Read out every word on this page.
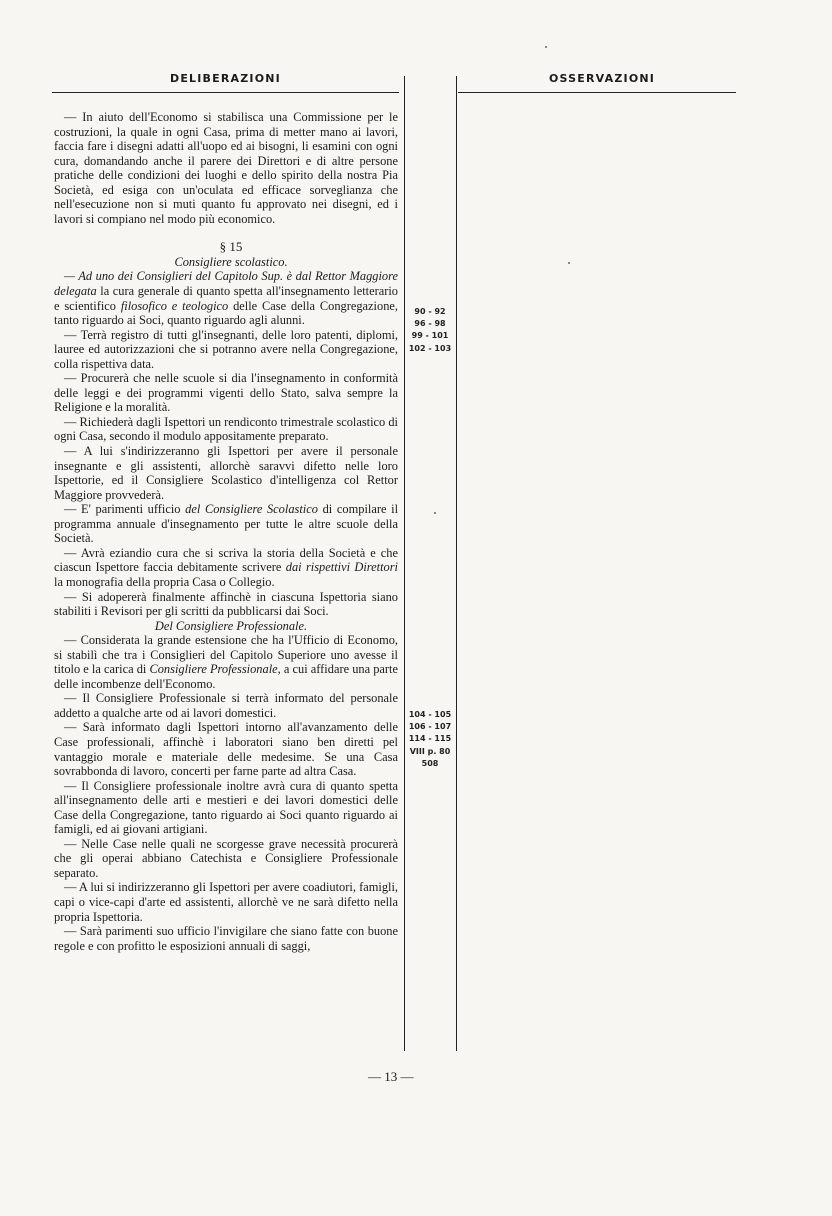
DELIBERAZIONI	OSSERVAZIONI

— In aiuto dell'Economo si stabilisca una Commissione per le costruzioni, la quale in ogni Casa, prima di metter mano ai lavori, faccia fare i disegni adatti all'uopo ed ai bisogni, li esamini con ogni cura, domandando anche il parere dei Direttori e di altre persone pratiche delle condizioni dei luoghi e dello spirito della nostra Pia Società, ed esiga con un'oculata ed efficace sorveglianza che nell'esecuzione non si muti quanto fu approvato nei disegni, ed i lavori si compiano nel modo più economico.

§ 15

Consigliere scolastico.

— Ad uno dei Consiglieri del Capitolo Sup. è dal Rettor Maggiore delegata la cura generale di quanto spetta all'insegnamento letterario e scientifico filosofico e teologico delle Case della Congregazione, tanto riguardo ai Soci, quanto riguardo agli alunni.

— Terrà registro di tutti gl'insegnanti, delle loro patenti, diplomi, lauree ed autorizzazioni che si potranno avere nella Congregazione, colla rispettiva data.

— Procurerà che nelle scuole si dia l'insegnamento in conformità delle leggi e dei programmi vigenti dello Stato, salva sempre la Religione e la moralità.

— Richiederà dagli Ispettori un rendiconto trimestrale scolastico di ogni Casa, secondo il modulo appositamente preparato.

— A lui s'indirizzeranno gli Ispettori per avere il personale insegnante e gli assistenti, allorchè saravvi difetto nelle loro Ispettorie, ed il Consigliere Scolastico d'intelligenza col Rettor Maggiore provvederà.

— E' parimenti ufficio del Consigliere Scolastico di compilare il programma annuale d'insegnamento per tutte le altre scuole della Società.

— Avrà eziandio cura che si scriva la storia della Società e che ciascun Ispettore faccia debitamente scrivere dai rispettivi Direttori la monografia della propria Casa o Collegio.

— Si adopererà finalmente affinchè in ciascuna Ispettoria siano stabiliti i Revisori per gli scritti da pubblicarsi dai Soci.

Del Consigliere Professionale.

— Considerata la grande estensione che ha l'Ufficio di Economo, si stabilì che tra i Consiglieri del Capitolo Superiore uno avesse il titolo e la carica di Consigliere Professionale, a cui affidare una parte delle incombenze dell'Economo.

— Il Consigliere Professionale si terrà informato del personale addetto a qualche arte od ai lavori domestici.

— Sarà informato dagli Ispettori intorno all'avanzamento delle Case professionali, affinchè i laboratori siano ben diretti pel vantaggio morale e materiale delle medesime. Se una Casa sovrabbonda di lavoro, concerti per farne parte ad altra Casa.

— Il Consigliere professionale inoltre avrà cura di quanto spetta all'insegnamento delle arti e mestieri e dei lavori domestici delle Case della Congregazione, tanto riguardo ai Soci quanto riguardo ai famigli, ed ai giovani artigiani.

— Nelle Case nelle quali ne scorgesse grave necessità procurerà che gli operai abbiano Catechista e Consigliere Professionale separato.

— A lui si indirizzeranno gli Ispettori per avere coadiutori, famigli, capi o vice-capi d'arte ed assistenti, allorchè ve ne sarà difetto nella propria Ispettoria.

— Sarà parimenti suo ufficio l'invigilare che siano fatte con buone regole e con profitto le esposizioni annuali di saggi,

90 - 92
96 - 98
99 - 101
102 - 103
104 - 105
106 - 107
114 - 115
VIII p. 80
508
— 13 —
